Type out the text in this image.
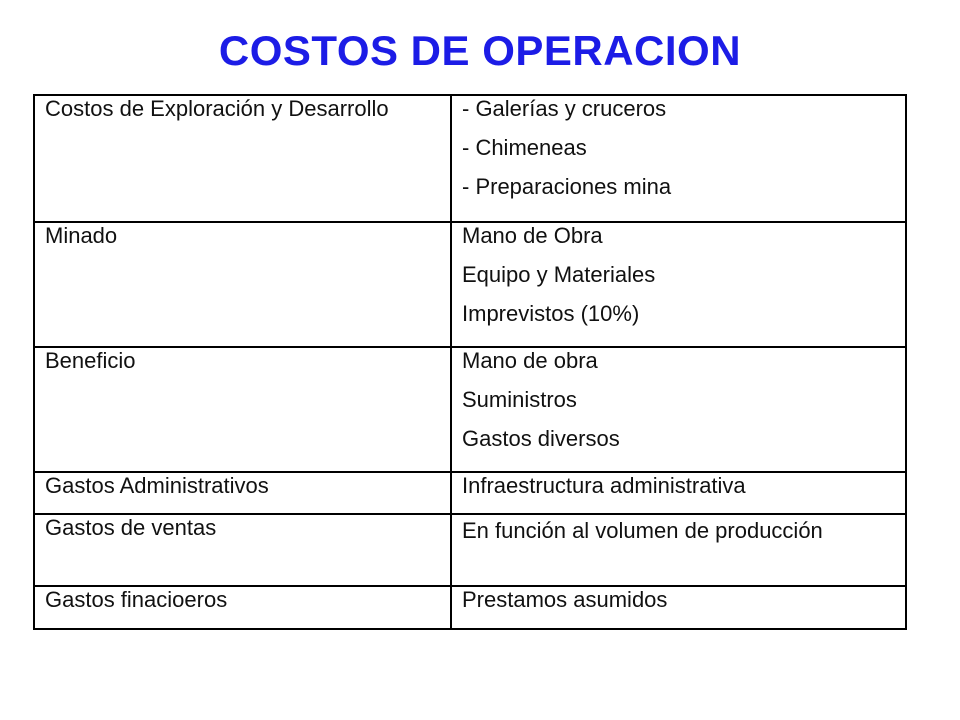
COSTOS DE OPERACION
Costos de Exploración y Desarrollo	- Galerías y cruceros
- Chimeneas
- Preparaciones mina

Minado	Mano de Obra
Equipo y Materiales
Imprevistos (10%)

Beneficio	Mano de obra
Suministros
Gastos diversos

Gastos Administrativos	Infraestructura administrativa

Gastos de ventas	En función al volumen de producción

Gastos finacioeros	Prestamos asumidos
